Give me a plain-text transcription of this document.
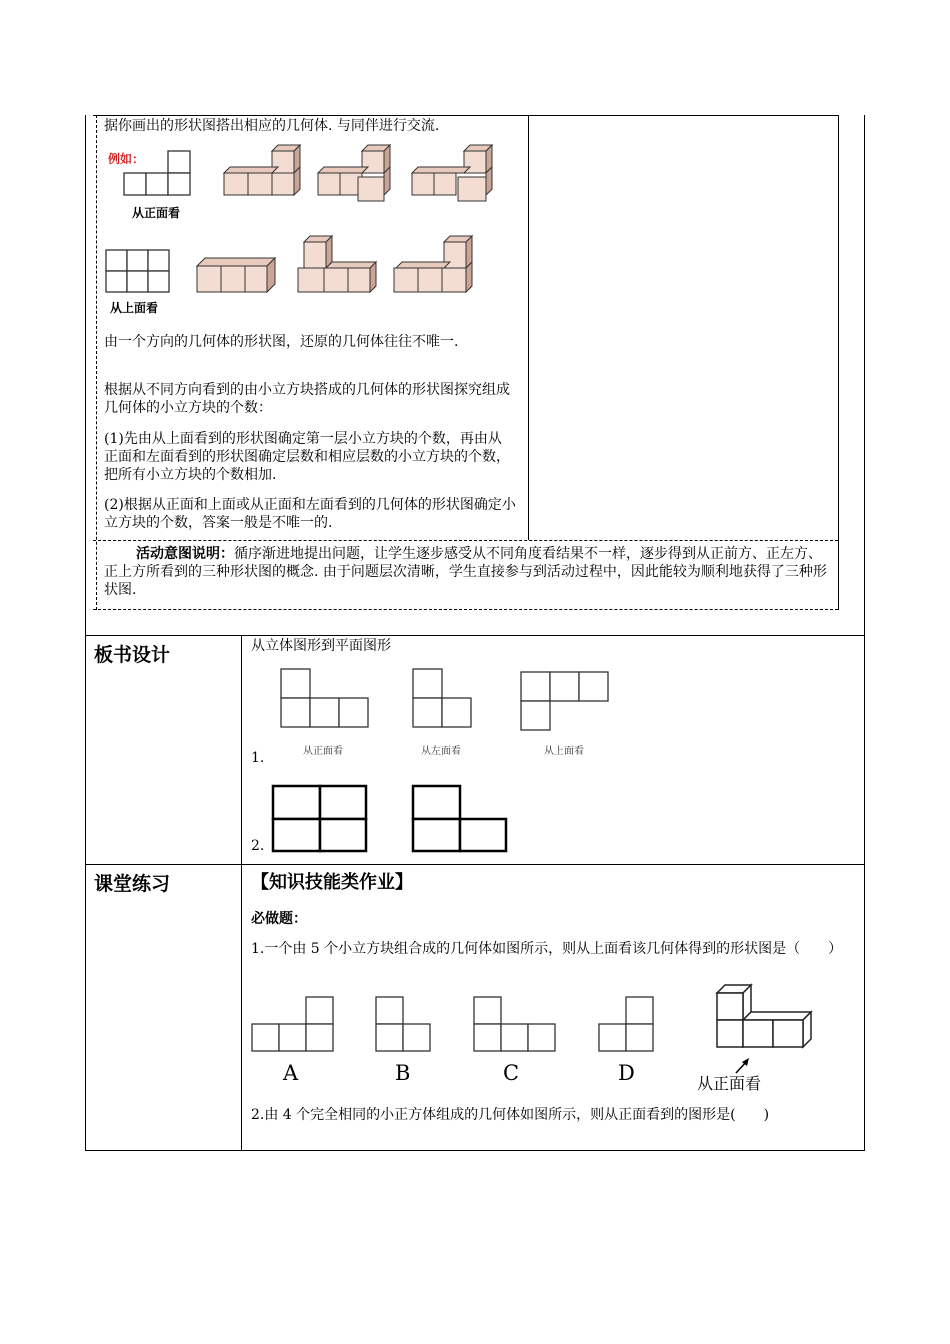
据你画出的形状图搭出相应的几何体. 与同伴进行交流.
例如：
从正面看
从上面看
由一个方向的几何体的形状图，还原的几何体往往不唯一.
根据从不同方向看到的由小立方块搭成的几何体的形状图探究组成几何体的小立方块的个数：
(1)先由从上面看到的形状图确定第一层小立方块的个数，再由从正面和左面看到的形状图确定层数和相应层数的小立方块的个数，把所有小立方块的个数相加.
(2)根据从正面和上面或从正面和左面看到的几何体的形状图确定小立方块的个数，答案一般是不唯一的.
活动意图说明：循序渐进地提出问题，让学生逐步感受从不同角度看结果不一样，逐步得到从正前方、正左方、正上方所看到的三种形状图的概念. 由于问题层次清晰，学生直接参与到活动过程中，因此能较为顺利地获得了三种形状图.
板书设计	从立体图形到平面图形
从正面看	从左面看	从上面看
1.
2.
课堂练习	【知识技能类作业】
必做题：
1.一个由 5 个小立方块组合成的几何体如图所示，则从上面看该几何体得到的形状图是（　　）
A	B	C	D	从正面看
2.由 4 个完全相同的小正方体组成的几何体如图所示，则从正面看到的图形是(　　)
